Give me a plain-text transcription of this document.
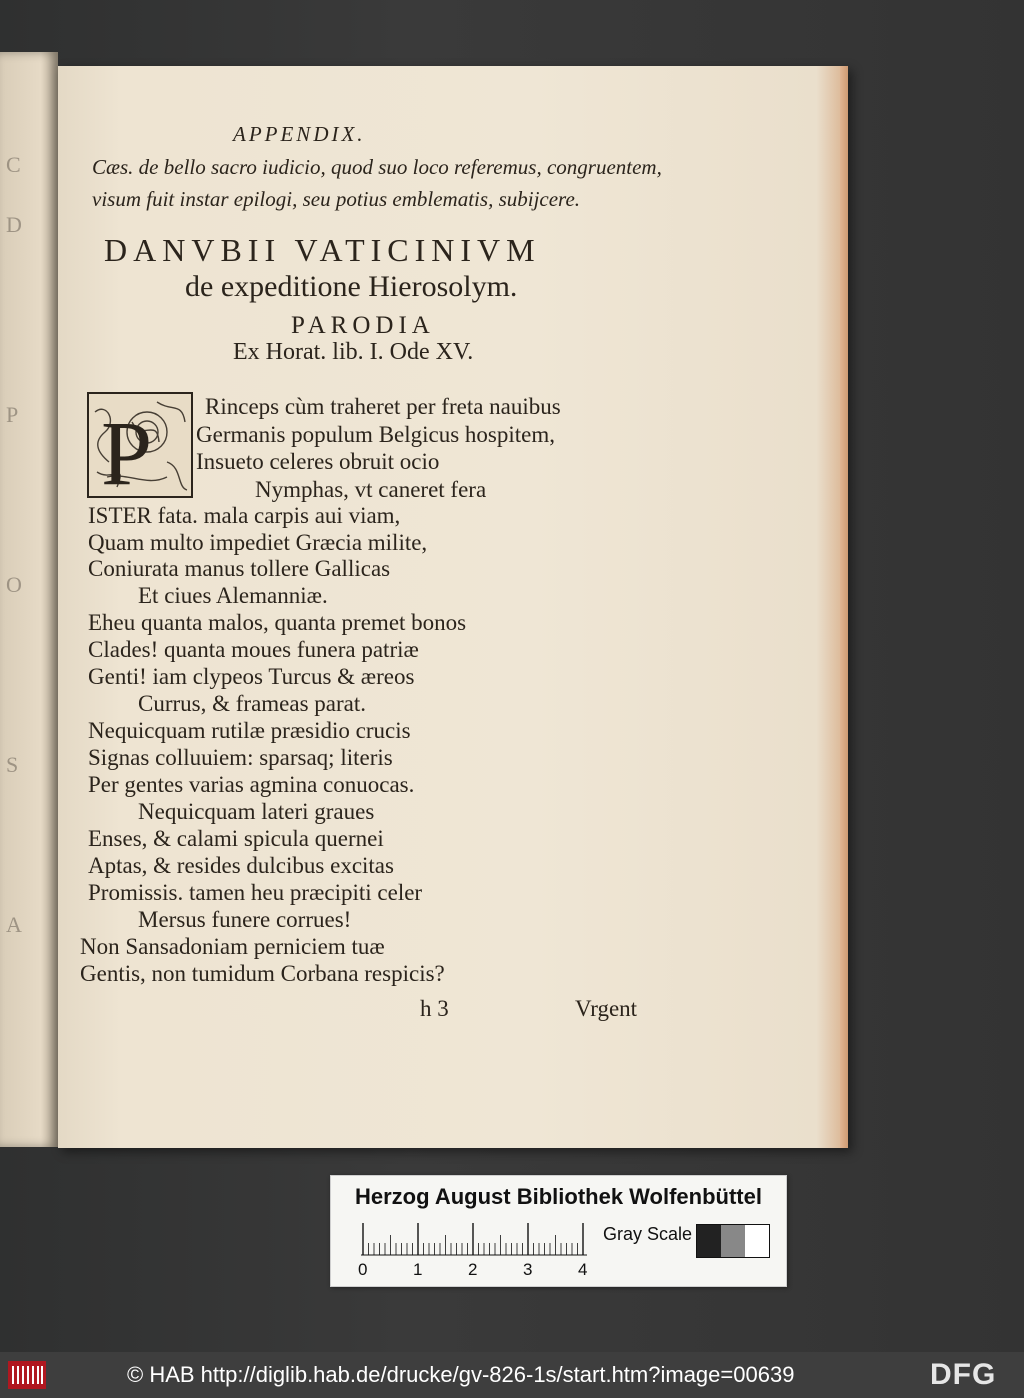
C
D
P
O
S
A
APPENDIX.
Cæs. de bello sacro iudicio, quod suo loco referemus, congruentem,
visum fuit instar epilogi, seu potius emblematis, subijcere.
DANVBII VATICINIVM
de expeditione Hierosolym.
PARODIA
Ex Horat. lib. I. Ode XV.
P Rinceps cùm traheret per freta nauibus
Germanis populum Belgicus hospitem,
Insueto celeres obruit ocio
Nymphas, vt caneret fera
ISTER fata. mala carpis aui viam,
Quam multo impediet Græcia milite,
Coniurata manus tollere Gallicas
Et ciues Alemanniæ.
Eheu quanta malos, quanta premet bonos
Clades! quanta moues funera patriæ
Genti! iam clypeos Turcus & æreos
Currus, & frameas parat.
Nequicquam rutilæ præsidio crucis
Signas colluuiem: sparsaq; literis
Per gentes varias agmina conuocas.
Nequicquam lateri graues
Enses, & calami spicula quernei
Aptas, & resides dulcibus excitas
Promissis. tamen heu præcipiti celer
Mersus funere corrues!
Non Sansadoniam perniciem tuæ
Gentis, non tumidum Corbana respicis?
h 3	Vrgent
Herzog August Bibliothek Wolfenbüttel
0	1	2	3	4
Gray Scale
© HAB http://diglib.hab.de/drucke/gv-826-1s/start.htm?image=00639	DFG
